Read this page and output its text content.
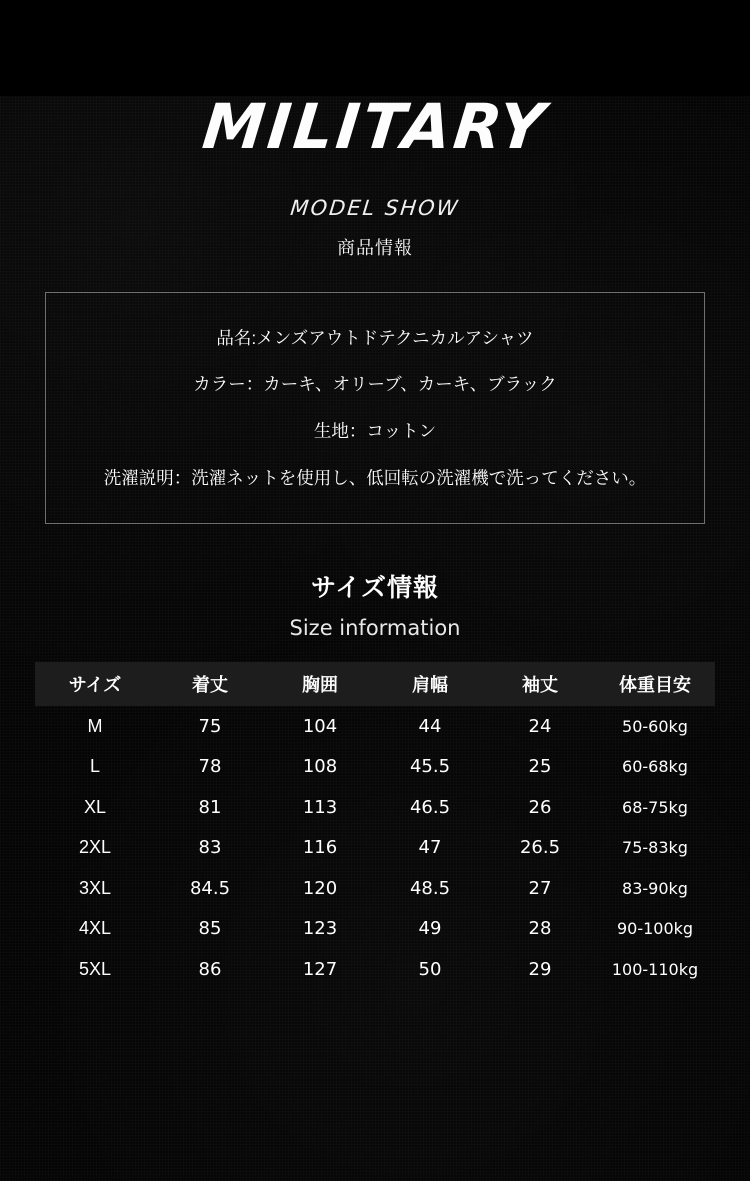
MILITARY
MODEL SHOW
商品情報
品名:メンズアウトドテクニカルアシャツ
カラー：カーキ、オリーブ、カーキ、ブラック
生地：コットン
洗濯説明：洗濯ネットを使用し、低回転の洗濯機で洗ってください。
サイズ情報
Size information
サイズ	着丈	胸囲	肩幅	袖丈	体重目安
M	75	104	44	24	50-60kg
L	78	108	45.5	25	60-68kg
XL	81	113	46.5	26	68-75kg
2XL	83	116	47	26.5	75-83kg
3XL	84.5	120	48.5	27	83-90kg
4XL	85	123	49	28	90-100kg
5XL	86	127	50	29	100-110kg
